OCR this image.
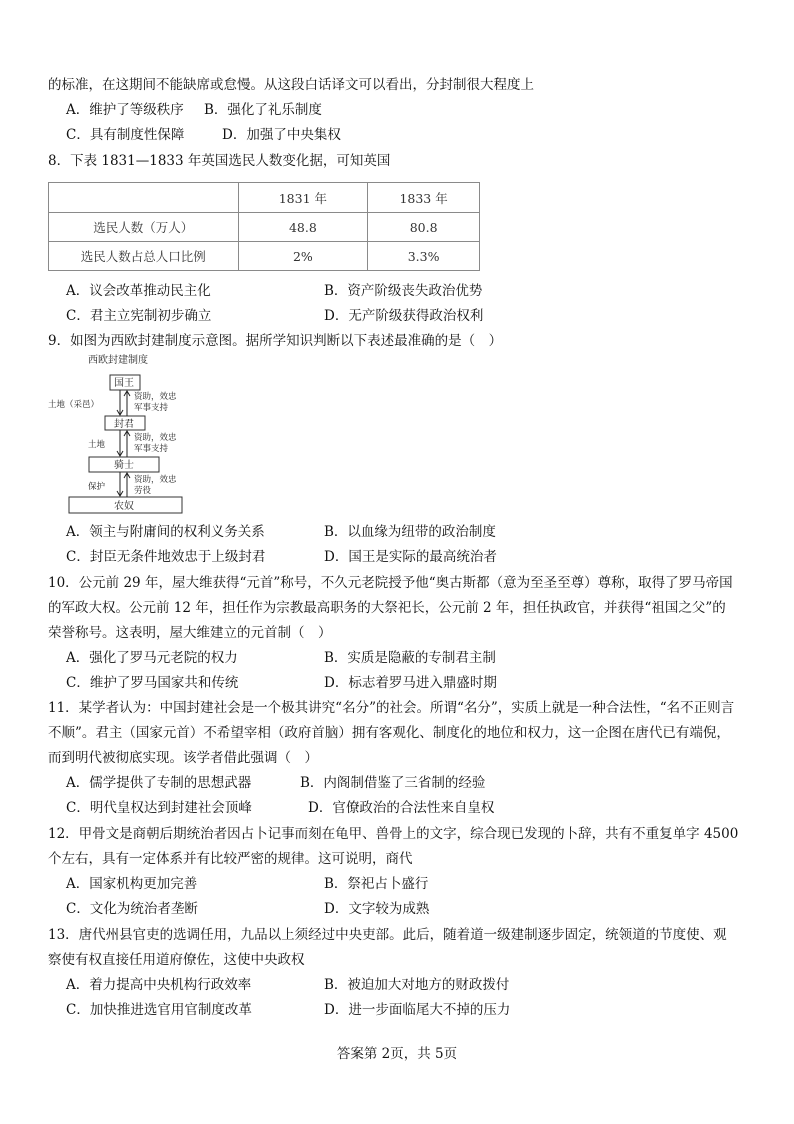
的标准，在这期间不能缺席或怠慢。从这段白话译文可以看出，分封制很大程度上
A．维护了等级秩序 B．强化了礼乐制度
C．具有制度性保障	D．加强了中央集权
8．下表 1831—1833 年英国选民人数变化据，可知英国
	1831 年	1833 年
选民人数（万人）	48.8	80.8
选民人数占总人口比例	2%	3.3%
A．议会改革推动民主化	B．资产阶级丧失政治优势
C．君主立宪制初步确立	D．无产阶级获得政治权利
9．如图为西欧封建制度示意图。据所学知识判断以下表述最准确的是（　）
西欧封建制度
国王
封君
骑士
农奴
土地（采邑）
资助，效忠
军事支持
土地
资助，效忠
军事支持
保护
资助，效忠
劳役
A．领主与附庸间的权利义务关系	B．以血缘为纽带的政治制度
C．封臣无条件地效忠于上级封君	D．国王是实际的最高统治者
10．公元前 29 年，屋大维获得“元首”称号，不久元老院授予他“奥古斯都（意为至圣至尊）尊称，取得了罗马帝国
的军政大权。公元前 12 年，担任作为宗教最高职务的大祭祀长，公元前 2 年，担任执政官，并获得“祖国之父”的
荣誉称号。这表明，屋大维建立的元首制（　）
A．强化了罗马元老院的权力	B．实质是隐蔽的专制君主制
C．维护了罗马国家共和传统	D．标志着罗马进入鼎盛时期
11．某学者认为：中国封建社会是一个极其讲究“名分”的社会。所谓“名分”，实质上就是一种合法性，“名不正则言
不顺”。君主（国家元首）不希望宰相（政府首脑）拥有客观化、制度化的地位和权力，这一企图在唐代已有端倪，
而到明代被彻底实现。该学者借此强调（　）
A．儒学提供了专制的思想武器	B．内阁制借鉴了三省制的经验
C．明代皇权达到封建社会顶峰	D．官僚政治的合法性来自皇权
12．甲骨文是商朝后期统治者因占卜记事而刻在龟甲、兽骨上的文字，综合现已发现的卜辞，共有不重复单字 4500
个左右，具有一定体系并有比较严密的规律。这可说明，商代
A．国家机构更加完善	B．祭祀占卜盛行
C．文化为统治者垄断	D．文字较为成熟
13．唐代州县官吏的选调任用，九品以上须经过中央吏部。此后，随着道一级建制逐步固定，统领道的节度使、观
察使有权直接任用道府僚佐，这使中央政权
A．着力提高中央机构行政效率	B．被迫加大对地方的财政拨付
C．加快推进选官用官制度改革	D．进一步面临尾大不掉的压力
答案第 2页，共 5页
